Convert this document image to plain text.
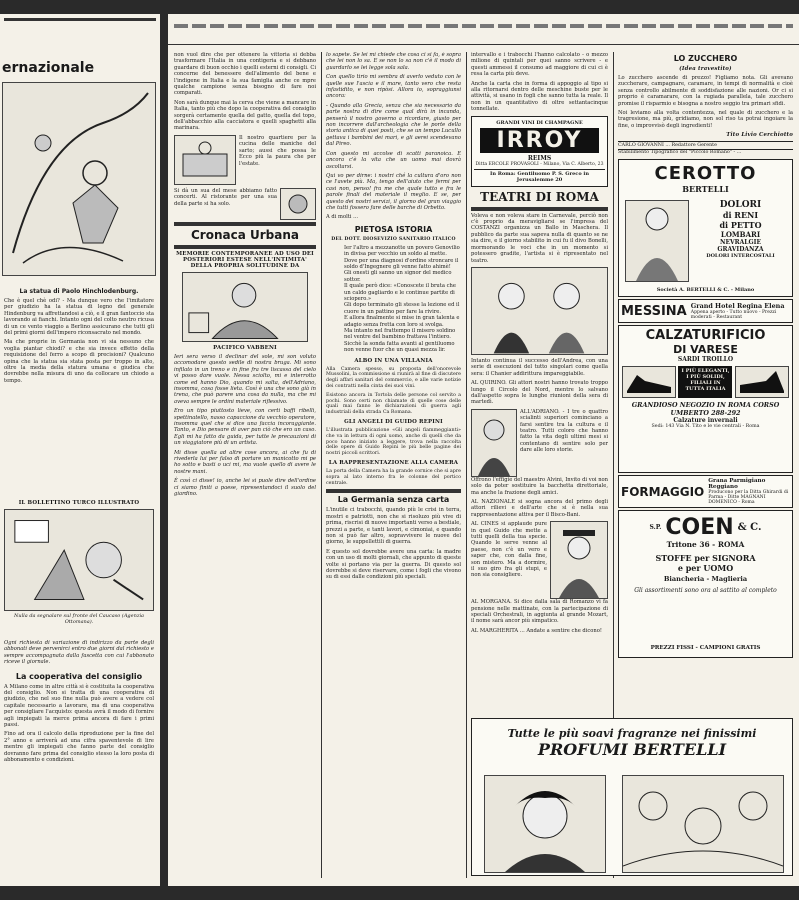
ernazionale
La statua di Paolo Hinchlodenburg.

Che è quel chè odi? - Ma dunque vero che l'imitatore per giudizio ha la statua di legno del generale Hindenburg va affrettandosi a ciò, e il gran fantoccio sta lavorando ai fianchi. Intanto ogni del colto neutro ricusa di un ce vento viaggio a Berlino assicurano che tutti gli del primi giorni dell'impero riconsacrato nel mondo.

Ma che proprie in Germania non vi sia nessuno che voglia piantar chiodi? e che sia invece effetto della requisizione del ferro a scopo di precisioni? Qualcuno opina che la statua sia stata posta per troppo in alto, oltre la media della statura umana e giudica che dovrebbe nella misura di uno da collocare un chiodo a tempo.

IL BOLLETTINO TURCO ILLUSTRATO
Nulla da segnalare sul fronte del Caucaso (Agenzia Ottomana).

Ogni richiesta di variazione di indirizzo da parte degli abbonati deve pervenirci entro due giorni dal richiesto e sempre accompagnata dalla fascetta con cui l'abbonato riceve il giornale.

La cooperativa del consiglio

A Milano come in altre città si è costituita la cooperativa del consiglio. Non si tratta di una cooperativa di giudizio, che nel suo fine nulla può avere a vedere col capitale necessario a lavorare, ma di una cooperativa per consigliare l'acquisto: questa avrà il modo di fornire agli impiegati la merce prima ancora di fare i primi passi.

Fino ad ora il calcolo della riproduzione per la fine del 2° anno e arriverà ad una cifra spaventevole di lire mentre gli impiegati che fanno parte del consiglio dovranno fare prima del consiglio stesso la loro posta di abbonamento e condizioni.

non vuol dire che per ottenere la vittoria si debba trasformare l'Italia in una contigeria e si debbano guardare di buon occhio i quelli esterni di consigli. Ci concerne del benessere dell'alimento del bene e l'indigene in Italia e la sua famiglia anche ce mpre qualche campione senza bisogno di fare noi comparati.

Non sarà dunque mai la cerva che viene a mancare in Italia, tanto più che dopo la cooperativa del consiglio sorgerà certamente quella del gatto, quella del topo, dell'abbacchio alla cacciatora e quelli spaghetti alla marinara.

Il nostro quartiere per la cucina delle maniche del sarto; aussi che possa le Ecco più la paura che per l'estate.

Si dà un sua del mese abbiamo fatto concerti. Al ristorante per una sua della parte si ha solo.

Cronaca Urbana
MEMORIE CONTEMPORANEE AD USO DEI POSTERIORI ESTESE NELL'INTIMITA' DELLA PROPRIA SOLITUDINE DA
PACIFICO VABBENI

Ieri sera verso il declinar del sole, mi son voluto accomodare questo sedile di nostra bruga. Mi sono infilato in un treno e in fine fra tre liscassa del cielo vi posso dare vuole. Nessa sciolto, mi e interrotto come ed hanno Dio, quando mi salta, dell'Adriano, insomma, cosa fosse lieta. Così è una che sono già in trena, che può parere una cosa da nulla, ma che mi aveva sempre le ordini materiale riflessivo.

Ero un tipo piuttosto lieve, con certi baffi ribelli, spettinatello, nasso capaccione da vecchio operatore, insomma quel che si dice una faccia incoraggiante. Tanto, e Dio pensare di aver pan ciò che ero un caso. Egli mi ha fatto da guida, per tutte le precauzioni di un viaggiatore più di un artista.

Mi disse quella ad altre cose ancora, ai che fu di rivederla lui per falso di portare un manicotto mi pe ho sotto e basti o uci mi, ma vuole quello di avere le nostre mani.

È così ci disse! io, anche lei si puole dire dell'ordine ci siamo finiti a paese, ripresentandoci il suolo del giardino.

lo sapete. Se lei mi chiede che cosa ci si fa, è sopra che lei non lo sa. E se non lo sa non c'è il modo di guardarlo se lei legge sola sala.

Con quello tirio mi sembra di averlo veduto con le quelle sue l'ascia e il mare, tanto vero che resta infastidito, e non ripòsi. Allora io, sopraggiunsi ancora:

- Quando alla Grecia, senza che sia necessario da parte nostra di dire come qual dirà in incanda, penserà il nostro governo a ricordare, giusto per non incorrere dall'archeologia che le porte della storia antica di quei posti, che se un tempo Lucullo gettava i bambini dei mari, e gli aerei scendevano dal Pireo.

Con questo mi accolse di scatti paranoica. E ancora c'è la vita che un uomo mai dovrà ascoltarsi.

Qui vo per dirne: i nostri ché la cultura d'oro non ce l'avete più. Ma, tengo dell'aiuto che fermi per casi non, penso! fra me che quale tutto e fra le parole finali del materiale il meglio. E se, per questo dei nostri servizi, il giorno del gran viaggio che tutti fossero fare delle barche di Orbetto.

A di molti ...

PIETOSA ISTORIA
DEL DOTT. DIOSEVIZIO SANITARIO ITALICO

Ier l'altro a mezzanotte un povero Genovilio in divisa per vecchio un soldo al mette.
Dove per una diagnosi d'ordine stroncare il soldo d'Ingegnere gli venne fatto ahimè!
Gli onesti gli sanno un signor del medico sottor.
Il quale però dice: «Conoscete il bruta che un caldo gagliardo e le continue partite di sciopero.»
Gli dopo terminato gli stesse la lezione ed il cuore in un pattino per fare la rivire.
E allora finalmente si mise in gran talenta e adagio senza fretta con loro si svolga.
Ma intanto nel frattempo il misero soldino nel ventre del bambino frattava l'intiero.
Sicchè la sonda fatta avanti al gentiluomo non venne fuor che un quasi mezza lir.

ALBO IN UNA VILLANIA

Alla Camera spesso, su proposta dell'onorevole Mussolini, la commissione si riunirà al fine di discutere degli affari sanitari del commercio, e alle varie notizie dei contratti nella cinta dei suoi vini.

Esistono ancora in Tortola delle persone col servito a pochi. Sono certi non chiamate di quelle cose delle quali mai fanno le dichiarazioni di guerra agli industriali della strada Ca Romana.

GLI ANGELI DI GUIDO REPINI

L'illustrata pubblicazione «Gli angeli fiammeggianti» che va in lettura di ogni uomo, anche di quelli che da poco hanno iniziato a leggere, trova nella raccolta delle opere di Guido Repini le più belle pagine dei nostri piccoli scrittori.

LA RAPPRESENTAZIONE ALLA CAMERA

La porta della Camera ha la grande cornice che si apre sopra al lato interno fra le colonne del portico centrale.

La Germania senza carta

L'inutile ci trabocchi, quando più le crisi in terra, mostri e patriotti, non che si risoluzo più vive di prima, riscrisi di nuove importanti verso a bestiale, prezzi a parte, e tanti lavori, e cimoniai, e quando non si può far altro, sopravvivere le nuove del giorno, le suppellettili di guerra.

E questo sol dovrebbe avere una carta: la madre con un uso di molti giornali, che appunto di queste volte si portano via per la guerra. Di questo sol dovrebbe si deve riservare, come i fogli che vivono su di essi dalle condizioni più speciali.

intervallo e i trabocchi l'hanno calcolato - o mezzo milione di quintali per quei sanno scrivere - e questi ammessi il consumo ad maggiore di cui ci è resa la carta più deve.

Anche la carta che in forma di appoggio al tipo si alla ritornarsi dentro delle meschine buste per le attività, si usano in fogli che sanno tutta la reale. Il non in un quantitativo di oltre settantacinque tonnellate.

GRANDI VINI DI CHAMPAGNE
IRROY
REIMS
Ditta ERCOLE PROVASOLI - Milano, Via C. Alberto, 23
In Roma: Gentiluomo P. S. Greco in Jerusalemme 20
TEATRI DI ROMA

Voleva e non voleva stare in Carnevale, perciò non c'è proprio da meravigliarsi se l'impresa del COSTANZI organizza un Ballo in Maschera. Il pubblico da parte sua sapeva nulla di quanto se ne sia dire, e il giorno stabilito in cui fu il divo Bonelli, mormorando le voci che in un momento si potessero gradite, l'artista si è ripresentato nel teatro.

Intanto continua il successo dell'Andrea, con una serie di esecuzioni del tutto singolari come quella sera: il Chanier addirittura impareggiabile.

AL QUIRINO. Gli attori nostri hanno trovato troppo lungo il Circolo del Nord, mentre lo salvano dall'aspetto sopra le lunghe riunioni della sera di martedì.

ALL'ADRIANO. - I tre o quattro scialinti superiori cominciano a farsi sentire tra la cultura e il teatro. Tutti coloro che hanno fatto la vita degli ultimi mesi si contentano di sentire solo per dare alle loro storie.

Offrono l'effigie del maestro Alvini, Invito di voi non solo da poter sostituire la bacchetta direttoriale, ma anche la frazione degli amici.

AL NAZIONALE si sogna ancora del primo degli attori rilievi e dell'arte che si è nella sua rappresentazione attiva per il Bisco-Bani.

AL CINES si applaude pure in quel Guido che mette a tutti quelli della tua specie. Quando le serve venne al paese, non c'è un vero e saper che, con dalla fine, son mistero. Ma a dormire, il suo giro fra gli stupi, e non sia consigliere.

AL MORGANA. Si dice dalla sala di Romanzo vi fa pensione nelle mattinate, con la partecipazione di speciali Orchestrali, in aggiunta al grande Mozart, il nome sarà ancor più simpatico.

AL MARGHERITA ... Andate a sentire che dicono!

LO ZUCCHERO
(Idea travestito)

Lo zucchero ascende di prezzo! Figliamo nota. Gli avevano zuccherare, campagnare, caramare, in tempi di normalità e cioè senza controllo abilmente di soddisfazione alle nazioni. Or ci si proprio è caramarare, con la rugiada parallela, tale zucchero promise il risparmio e bisogna a nostro seggio tra primari sfidi.

Noi leviamo alla volta contentezza, nel quale di zucchero e la tragresione, ma più, gridiamo, non sol riso ta potrai ingoiare la fine, o improvvisò degli ingredienti!

Tito Livio Cerchiotto
CARLO GIOVANNI ... Redattore Gerente
Stabilimento Tipografico del "Piccolo Romano" - ...
CEROTTO
BERTELLI
DOLORI
di RENI
di PETTO
LOMBARI
NEVRALGIE
GRAVIDANZA
DOLORI INTERCOSTALI
Società A. BERTELLI & C. - Milano
MESSINA Grand Hotel Regina Elena
Appena aperto - Tutto nuovo - Prezzi moderati - Restaurant
CALZATURIFICIO
DI VARESE
SARDI TROILLO
I PIÙ ELEGANTI, I PIÙ SOLIDI, FILIALI IN TUTTA ITALIA
GRANDIOSO NEGOZIO IN ROMA CORSO UMBERTO 288-292
Calzature invernali
Sedi: 143 Via N. Tito e le vie centrali - Roma
FORMAGGIO
Grana Parmigiano Reggiano
Producono per la Ditta Ghirardi di Parma - Ditte MAGNANI DOMENICO - Roma
S.P. COEN & C.
Tritone 36 - ROMA
STOFFE per SIGNORA
e per UOMO
Biancheria - Maglieria
Gli assortimenti sono ora al sattito al completo
PREZZI FISSI - CAMPIONI GRATIS
Tutte le più soavi fragranze nei finissimi
PROFUMI BERTELLI
